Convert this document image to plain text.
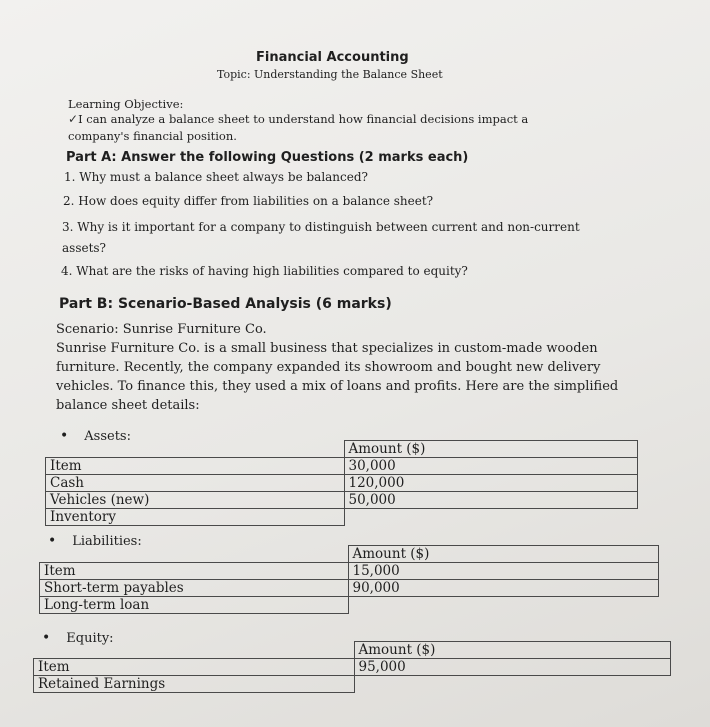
Financial Accounting
Topic: Understanding the Balance Sheet
Learning Objective:
✓I can analyze a balance sheet to understand how financial decisions impact a company's financial position.
Part A: Answer the following Questions (2 marks each)
1. Why must a balance sheet always be balanced?
2. How does equity differ from liabilities on a balance sheet?
3. Why is it important for a company to distinguish between current and non-current assets?
4. What are the risks of having high liabilities compared to equity?
Part B: Scenario-Based Analysis (6 marks)
Scenario: Sunrise Furniture Co.
Sunrise Furniture Co. is a small business that specializes in custom-made wooden furniture. Recently, the company expanded its showroom and bought new delivery vehicles. To finance this, they used a mix of loans and profits. Here are the simplified balance sheet details:
• Assets:
	Amount ($)
Item	30,000
Cash	120,000
Vehicles (new)	50,000
Inventory	
• Liabilities:
	Amount ($)
Item	15,000
Short-term payables	90,000
Long-term loan	
• Equity:
	Amount ($)
Item	95,000
Retained Earnings	
